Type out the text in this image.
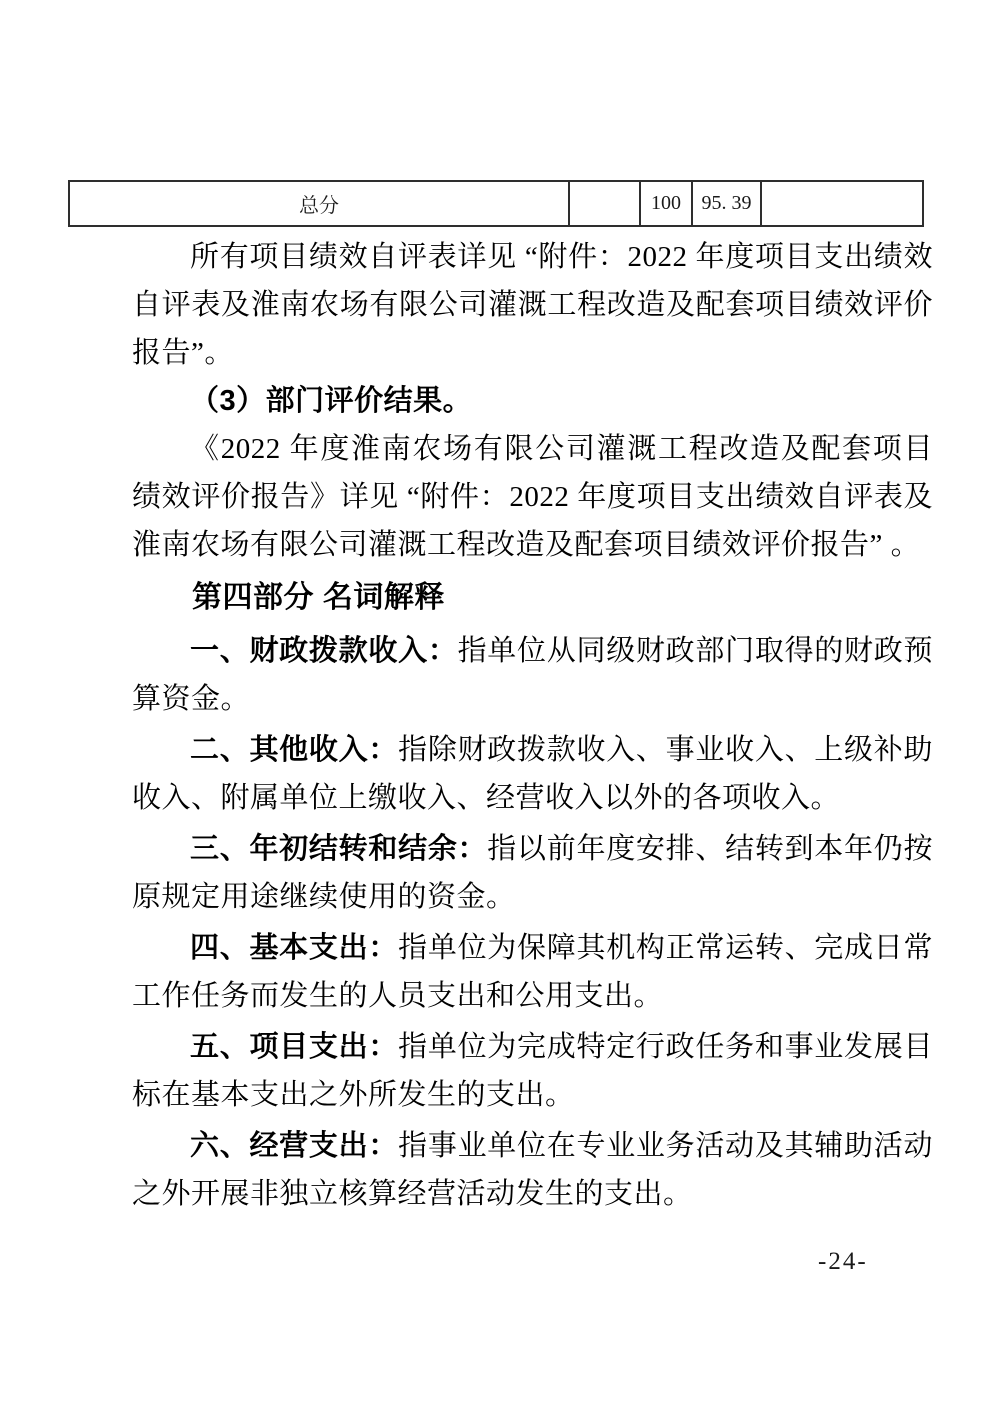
总分		100	95. 39	

所有项目绩效自评表详见 “附件：2022 年度项目支出绩效自评表及淮南农场有限公司灌溉工程改造及配套项目绩效评价报告”。

（3）部门评价结果。

《2022 年度淮南农场有限公司灌溉工程改造及配套项目绩效评价报告》详见 “附件：2022 年度项目支出绩效自评表及淮南农场有限公司灌溉工程改造及配套项目绩效评价报告” 。

第四部分 名词解释

一、财政拨款收入：指单位从同级财政部门取得的财政预算资金。

二、其他收入：指除财政拨款收入、事业收入、上级补助收入、附属单位上缴收入、经营收入以外的各项收入。

三、年初结转和结余：指以前年度安排、结转到本年仍按原规定用途继续使用的资金。

四、基本支出：指单位为保障其机构正常运转、完成日常工作任务而发生的人员支出和公用支出。

五、项目支出：指单位为完成特定行政任务和事业发展目标在基本支出之外所发生的支出。

六、经营支出：指事业单位在专业业务活动及其辅助活动之外开展非独立核算经营活动发生的支出。

-24-
